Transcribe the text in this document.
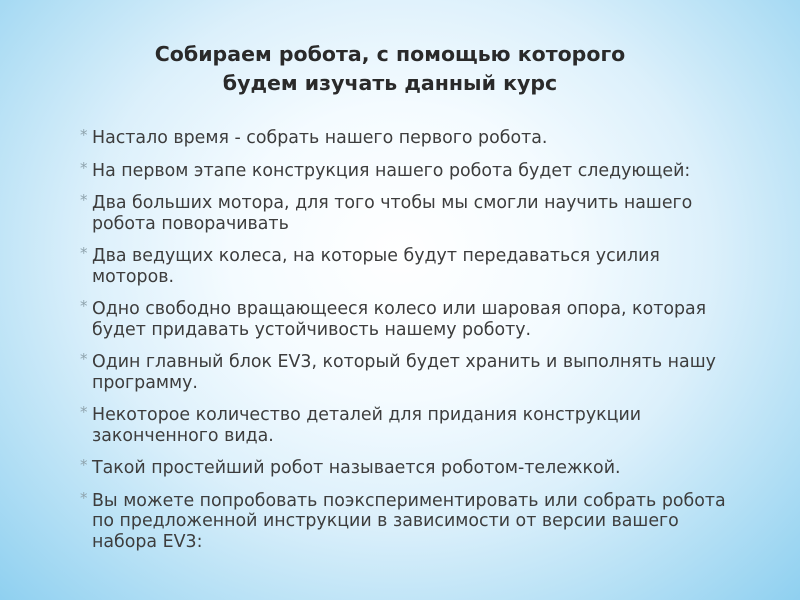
Собираем робота, с помощью которого
будем изучать данный курс
* Настало время - собрать нашего первого робота.
* На первом этапе конструкция нашего робота будет следующей:
* Два больших мотора, для того чтобы мы смогли научить нашего робота поворачивать
* Два ведущих колеса, на которые будут передаваться усилия моторов.
* Одно свободно вращающееся колесо или шаровая опора, которая будет придавать устойчивость нашему роботу.
* Один главный блок EV3, который будет хранить и выполнять нашу программу.
* Некоторое количество деталей для придания конструкции законченного вида.
* Такой простейший робот называется роботом-тележкой.
* Вы можете попробовать поэкспериментировать или собрать робота по предложенной инструкции в зависимости от версии вашего набора EV3:
